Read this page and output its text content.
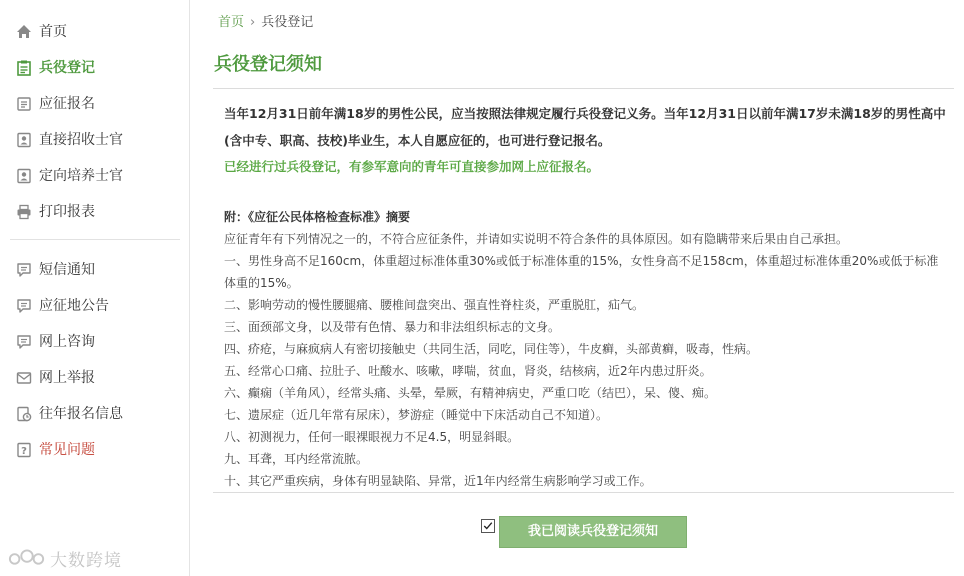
首页
兵役登记
应征报名
直接招收士官
定向培养士官
打印报表
短信通知
应征地公告
网上咨询
网上举报
往年报名信息
? 常见问题
首页 › 兵役登记
兵役登记须知

当年12月31日前年满18岁的男性公民，应当按照法律规定履行兵役登记义务。当年12月31日以前年满17岁未满18岁的男性高中(含中专、职高、技校)毕业生，本人自愿应征的，也可进行登记报名。

已经进行过兵役登记，有参军意向的青年可直接参加网上应征报名。

附：《应征公民体格检查标准》摘要

应征青年有下列情况之一的，不符合应征条件，并请如实说明不符合条件的具体原因。如有隐瞒带来后果由自己承担。

一、男性身高不足160cm，体重超过标准体重30%或低于标准体重的15%，女性身高不足158cm，体重超过标准体重20%或低于标准体重的15%。

二、影响劳动的慢性腰腿痛、腰椎间盘突出、强直性脊柱炎，严重脱肛，疝气。

三、面颈部文身，以及带有色情、暴力和非法组织标志的文身。

四、疥疮，与麻疯病人有密切接触史（共同生活，同吃，同住等），牛皮癣，头部黄癣，吸毒，性病。

五、经常心口痛、拉肚子、吐酸水、咳嗽，哮喘，贫血，肾炎，结核病，近2年内患过肝炎。

六、癫痫（羊角风），经常头痛、头晕，晕厥，有精神病史，严重口吃（结巴），呆、傻、痴。

七、遗尿症（近几年常有尿床），梦游症（睡觉中下床活动自己不知道）。

八、初测视力，任何一眼裸眼视力不足4.5，明显斜眼。

九、耳聋，耳内经常流脓。

十、其它严重疾病，身体有明显缺陷、异常，近1年内经常生病影响学习或工作。

我已阅读兵役登记须知
大数跨境
